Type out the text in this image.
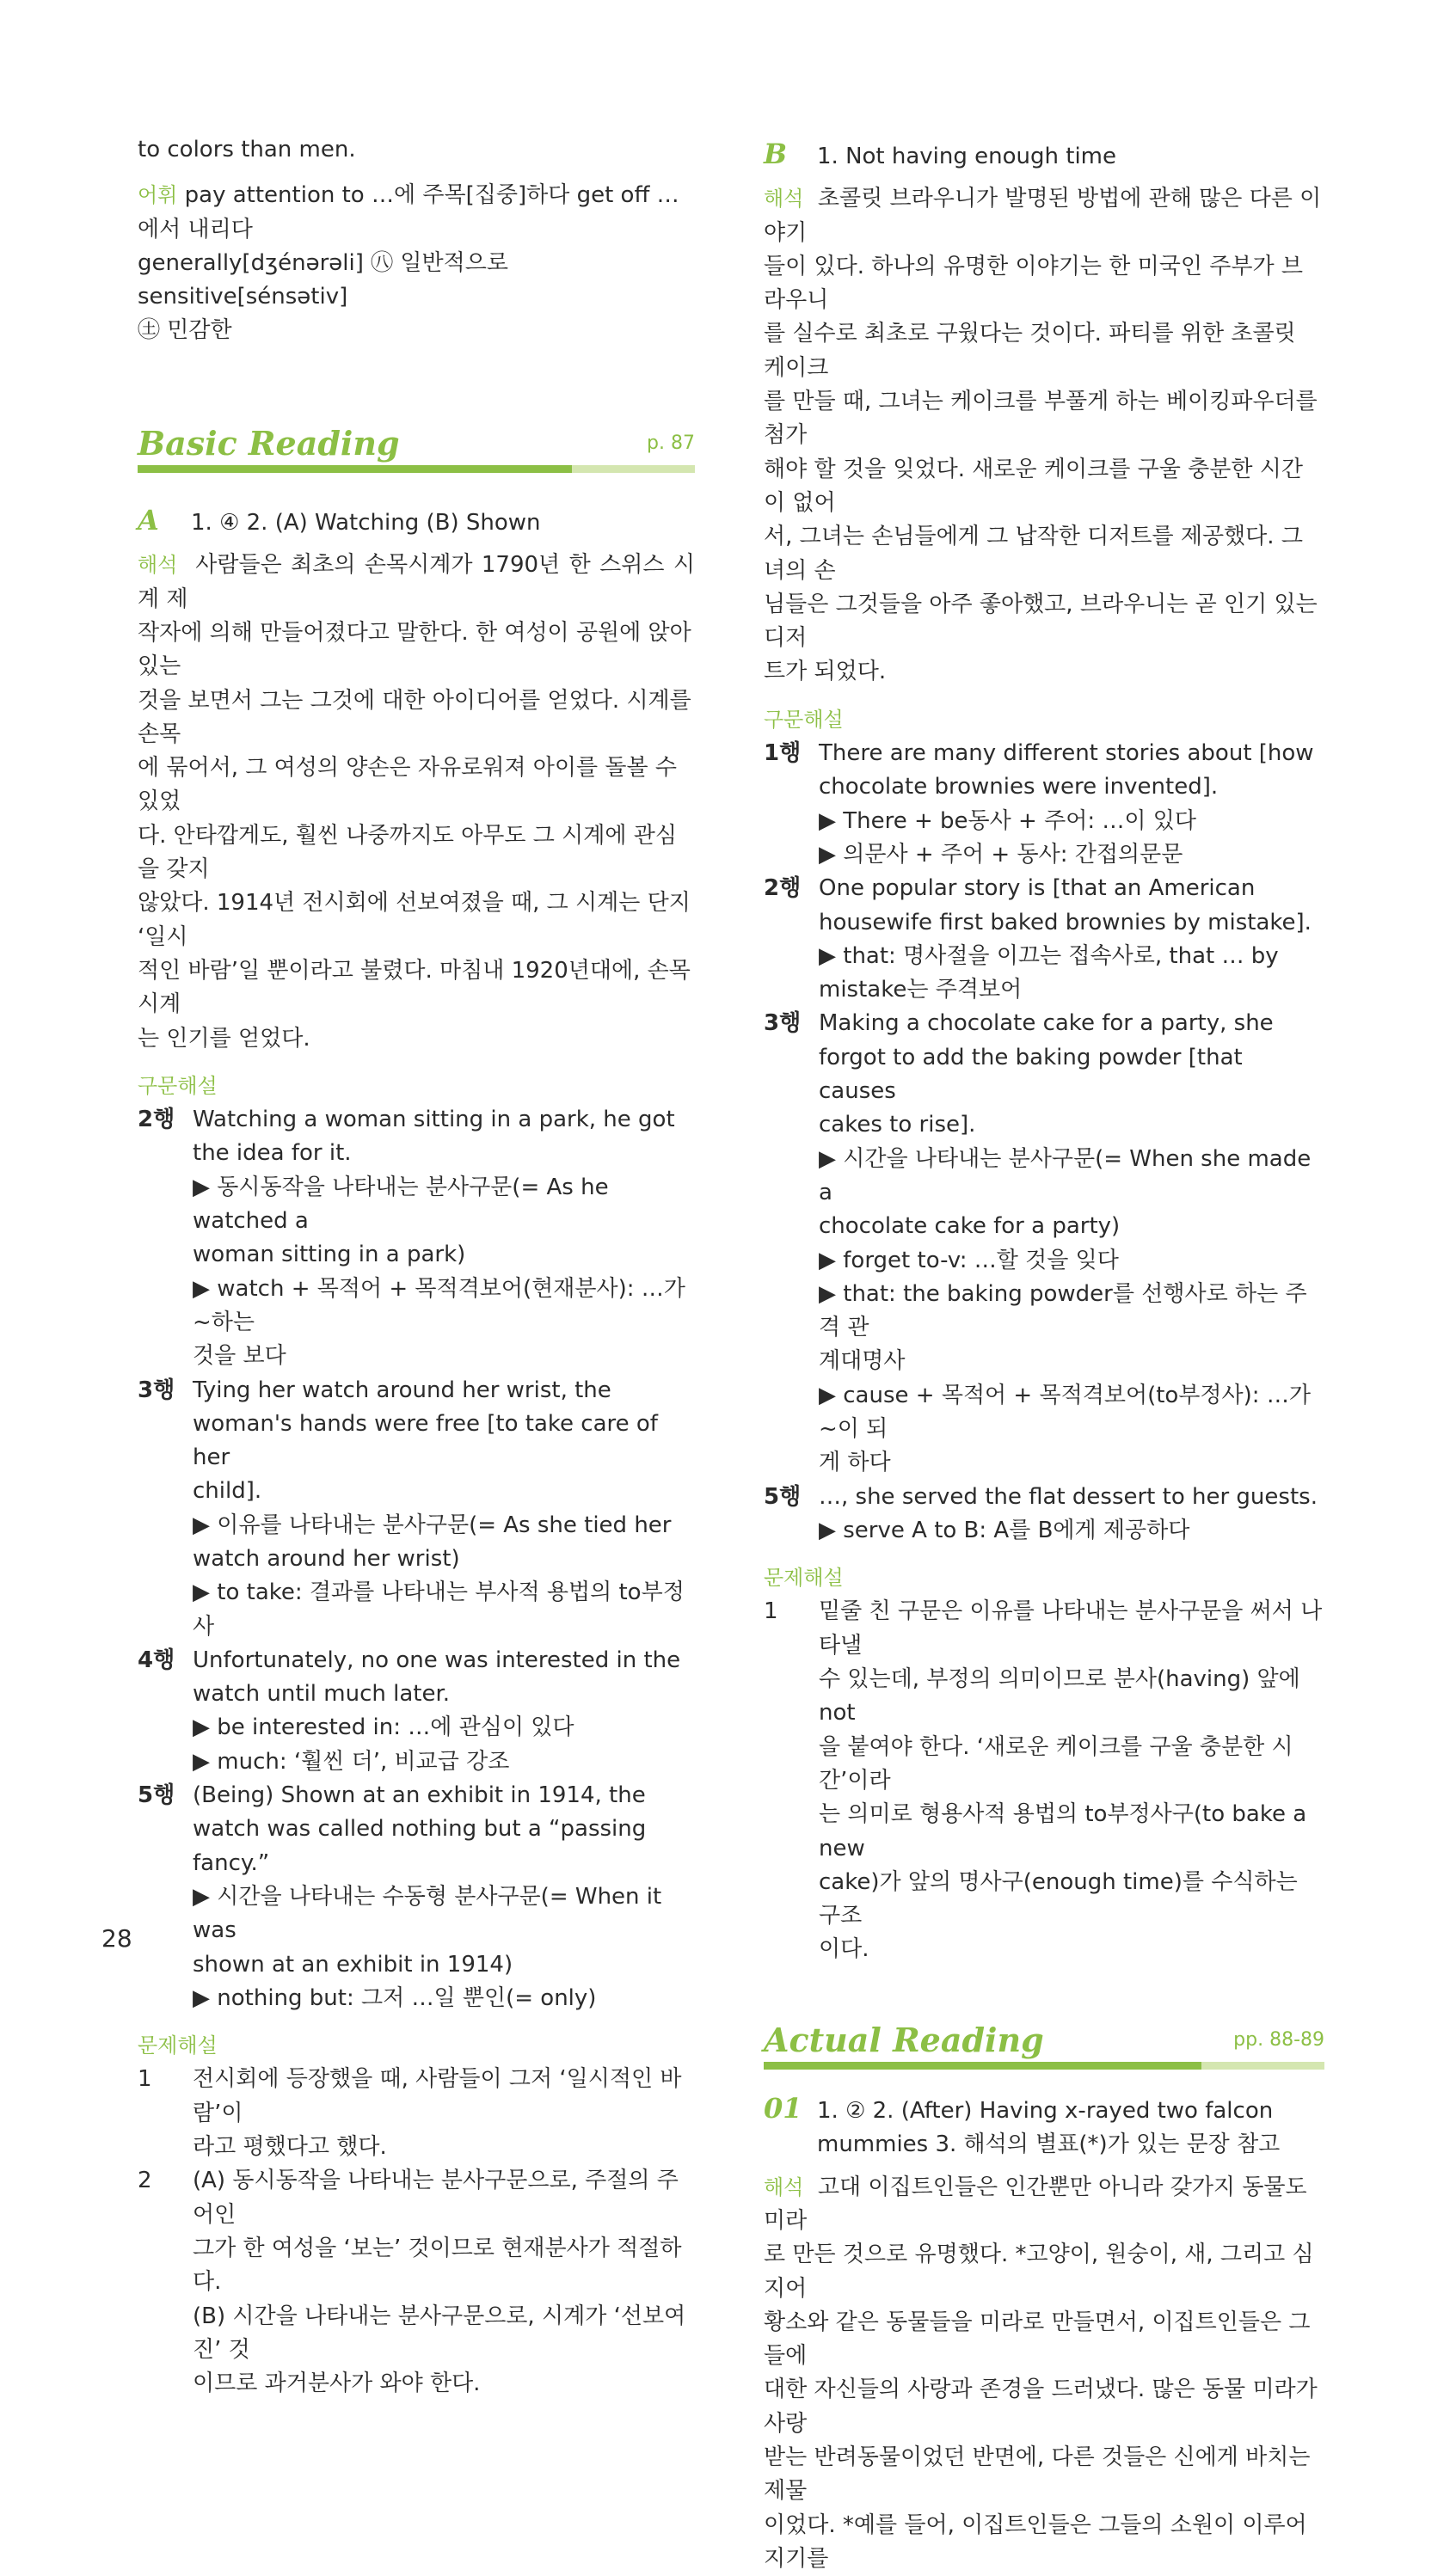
to colors than men.

어휘 pay attention to …에 주목[집중]하다 get off …에서 내리다

generally[dʒénərəli] ㊇ 일반적으로 sensitive[sénsətiv]

㊏ 민감한

Basic Reading	p. 87
A	1. ④ 2. (A) Watching (B) Shown

해석 사람들은 최초의 손목시계가 1790년 한 스위스 시계 제

작자에 의해 만들어졌다고 말한다. 한 여성이 공원에 앉아 있는

것을 보면서 그는 그것에 대한 아이디어를 얻었다. 시계를 손목

에 묶어서, 그 여성의 양손은 자유로워져 아이를 돌볼 수 있었

다. 안타깝게도, 훨씬 나중까지도 아무도 그 시계에 관심을 갖지

않았다. 1914년 전시회에 선보여졌을 때, 그 시계는 단지 ‘일시

적인 바람’일 뿐이라고 불렸다. 마침내 1920년대에, 손목시계

는 인기를 얻었다.

구문해설

2행 Watching a woman sitting in a park, he got

the idea for it.

▶ 동시동작을 나타내는 분사구문(= As he watched a

woman sitting in a park)

▶ watch + 목적어 + 목적격보어(현재분사): …가 ~하는

것을 보다

3행 Tying her watch around her wrist, the

woman's hands were free [to take care of her

child].

▶ 이유를 나타내는 분사구문(= As she tied her

watch around her wrist)

▶ to take: 결과를 나타내는 부사적 용법의 to부정사

4행 Unfortunately, no one was interested in the

watch until much later.

▶ be interested in: …에 관심이 있다

▶ much: ‘훨씬 더’, 비교급 강조

5행 (Being) Shown at an exhibit in 1914, the

watch was called nothing but a “passing

fancy.”

▶ 시간을 나타내는 수동형 분사구문(= When it was

shown at an exhibit in 1914)

▶ nothing but: 그저 …일 뿐인(= only)

문제해설

1	전시회에 등장했을 때, 사람들이 그저 ‘일시적인 바람’이

라고 평했다고 했다.

2	(A) 동시동작을 나타내는 분사구문으로, 주절의 주어인

그가 한 여성을 ‘보는’ 것이므로 현재분사가 적절하다.

(B) 시간을 나타내는 분사구문으로, 시계가 ‘선보여진’ 것

이므로 과거분사가 와야 한다.

B	1. Not having enough time

해석 초콜릿 브라우니가 발명된 방법에 관해 많은 다른 이야기

들이 있다. 하나의 유명한 이야기는 한 미국인 주부가 브라우니

를 실수로 최초로 구웠다는 것이다. 파티를 위한 초콜릿 케이크

를 만들 때, 그녀는 케이크를 부풀게 하는 베이킹파우더를 첨가

해야 할 것을 잊었다. 새로운 케이크를 구울 충분한 시간이 없어

서, 그녀는 손님들에게 그 납작한 디저트를 제공했다. 그녀의 손

님들은 그것들을 아주 좋아했고, 브라우니는 곧 인기 있는 디저

트가 되었다.

구문해설

1행 There are many different stories about [how

chocolate brownies were invented].

▶ There + be동사 + 주어: …이 있다

▶ 의문사 + 주어 + 동사: 간접의문문

2행 One popular story is [that an American

housewife first baked brownies by mistake].

▶ that: 명사절을 이끄는 접속사로, that … by

mistake는 주격보어

3행 Making a chocolate cake for a party, she

forgot to add the baking powder [that causes

cakes to rise].

▶ 시간을 나타내는 분사구문(= When she made a

chocolate cake for a party)

▶ forget to-v: …할 것을 잊다

▶ that: the baking powder를 선행사로 하는 주격 관

계대명사

▶ cause + 목적어 + 목적격보어(to부정사): …가 ~이 되

게 하다

5행 …, she served the flat dessert to her guests.

▶ serve A to B: A를 B에게 제공하다

문제해설

1	밑줄 친 구문은 이유를 나타내는 분사구문을 써서 나타낼

수 있는데, 부정의 의미이므로 분사(having) 앞에 not

을 붙여야 한다. ‘새로운 케이크를 구울 충분한 시간’이라

는 의미로 형용사적 용법의 to부정사구(to bake a new

cake)가 앞의 명사구(enough time)를 수식하는 구조

이다.

Actual Reading	pp. 88-89
01 1. ② 2. (After) Having x-rayed two falcon

mummies 3. 해석의 별표(*)가 있는 문장 참고

해석 고대 이집트인들은 인간뿐만 아니라 갖가지 동물도 미라

로 만든 것으로 유명했다. *고양이, 원숭이, 새, 그리고 심지어

황소와 같은 동물들을 미라로 만들면서, 이집트인들은 그들에

대한 자신들의 사랑과 존경을 드러냈다. 많은 동물 미라가 사랑

받는 반려동물이었던 반면에, 다른 것들은 신에게 바치는 제물

이었다. *예를 들어, 이집트인들은 그들의 소원이 이루어지기를

28
